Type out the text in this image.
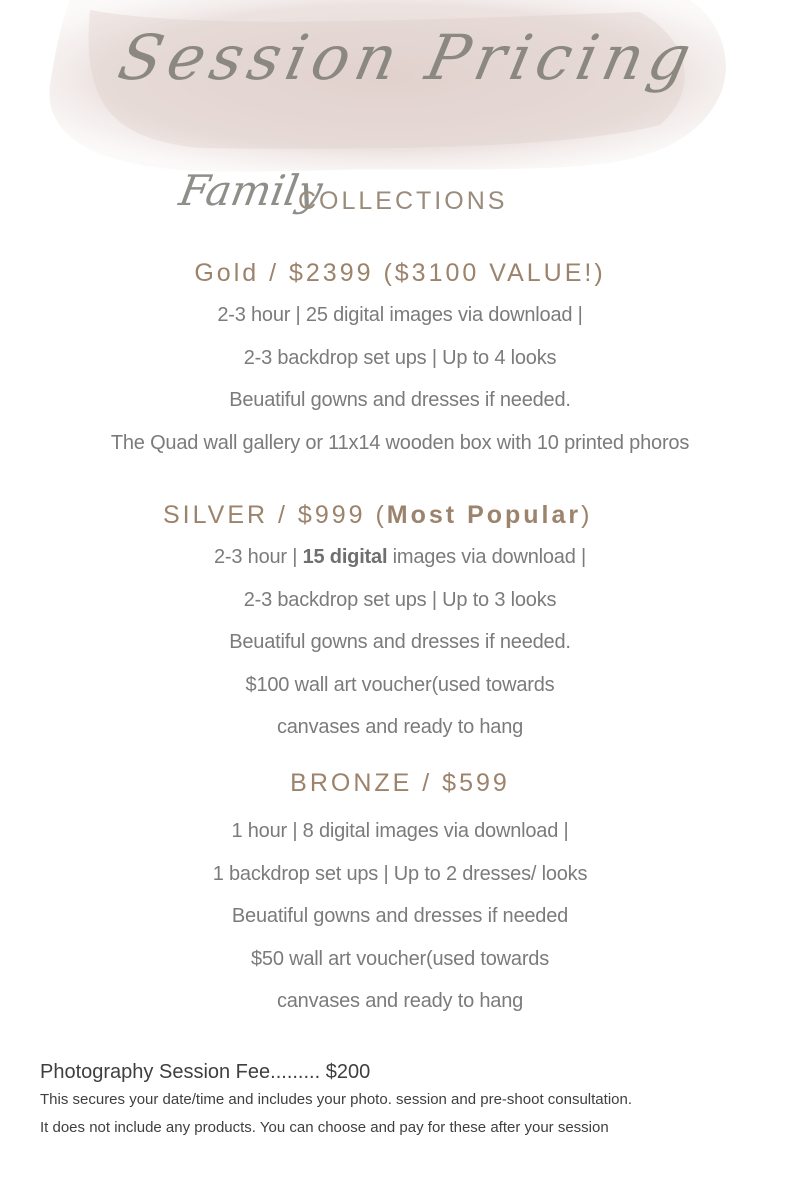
Session Pricing
Family
COLLECTIONS

Gold / $2399 ($3100 VALUE!)

2-3 hour | 25 digital images via download |

2-3 backdrop set ups | Up to 4 looks

Beuatiful gowns and dresses if needed.

The Quad wall gallery or 11x14 wooden box with 10 printed phoros

SILVER / $999 (Most Popular)

2-3 hour | 15 digital images via download |

2-3 backdrop set ups | Up to 3 looks

Beuatiful gowns and dresses if needed.

$100 wall art voucher(used towards

canvases and ready to hang

BRONZE / $599

1 hour | 8 digital images via download |

1 backdrop set ups | Up to 2 dresses/ looks

Beuatiful gowns and dresses if needed

$50 wall art voucher(used towards

canvases and ready to hang

Photography Session Fee......... $200
This secures your date/time and includes your photo. session and pre-shoot consultation.
It does not include any products. You can choose and pay for these after your session
